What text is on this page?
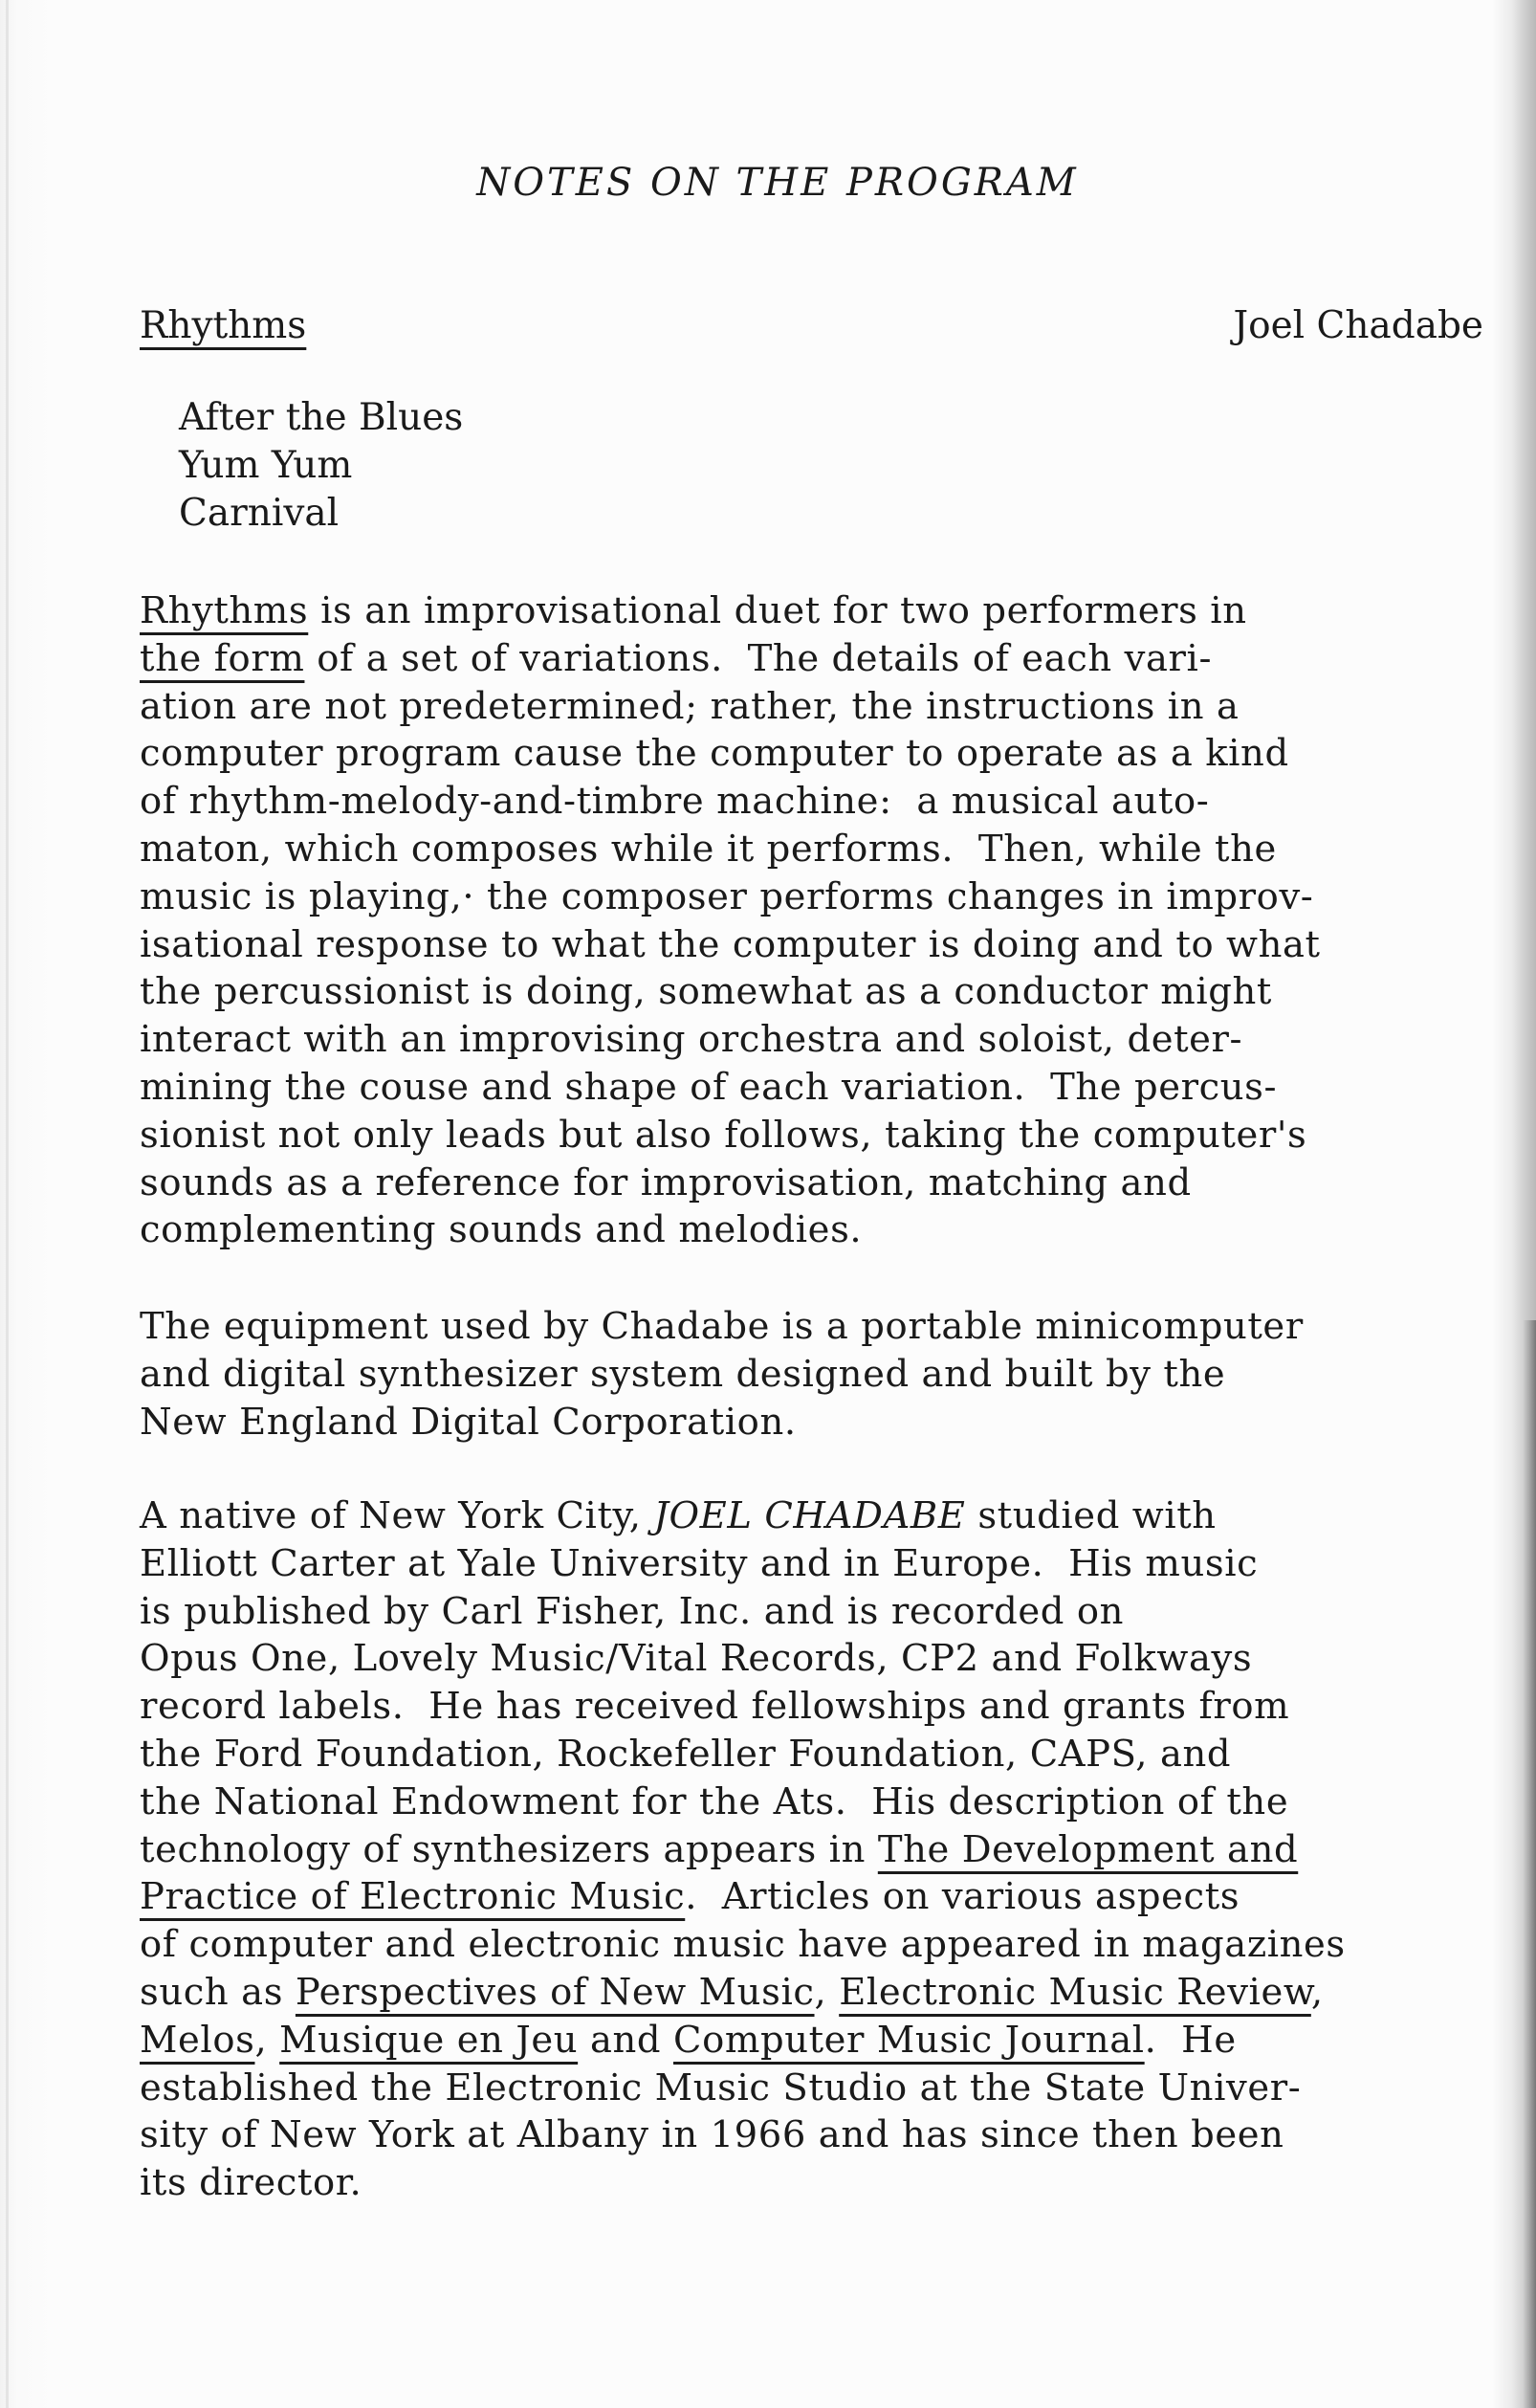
NOTES ON THE PROGRAM
Rhythms	Joel Chadabe
After the Blues
Yum Yum
Carnival
Rhythms is an improvisational duet for two performers in
the form of a set of variations.  The details of each vari-
ation are not predetermined; rather, the instructions in a
computer program cause the computer to operate as a kind
of rhythm-melody-and-timbre machine:  a musical auto-
maton, which composes while it performs.  Then, while the
music is playing,· the composer performs changes in improv-
isational response to what the computer is doing and to what
the percussionist is doing, somewhat as a conductor might
interact with an improvising orchestra and soloist, deter-
mining the couse and shape of each variation.  The percus-
sionist not only leads but also follows, taking the computer's
sounds as a reference for improvisation, matching and
complementing sounds and melodies.
The equipment used by Chadabe is a portable minicomputer
and digital synthesizer system designed and built by the
New England Digital Corporation.
A native of New York City, JOEL CHADABE studied with
Elliott Carter at Yale University and in Europe.  His music
is published by Carl Fisher, Inc. and is recorded on
Opus One, Lovely Music/Vital Records, CP2 and Folkways
record labels.  He has received fellowships and grants from
the Ford Foundation, Rockefeller Foundation, CAPS, and
the National Endowment for the Ats.  His description of the
technology of synthesizers appears in The Development and
Practice of Electronic Music.  Articles on various aspects
of computer and electronic music have appeared in magazines
such as Perspectives of New Music, Electronic Music Review,
Melos, Musique en Jeu and Computer Music Journal.  He
established the Electronic Music Studio at the State Univer-
sity of New York at Albany in 1966 and has since then been
its director.
